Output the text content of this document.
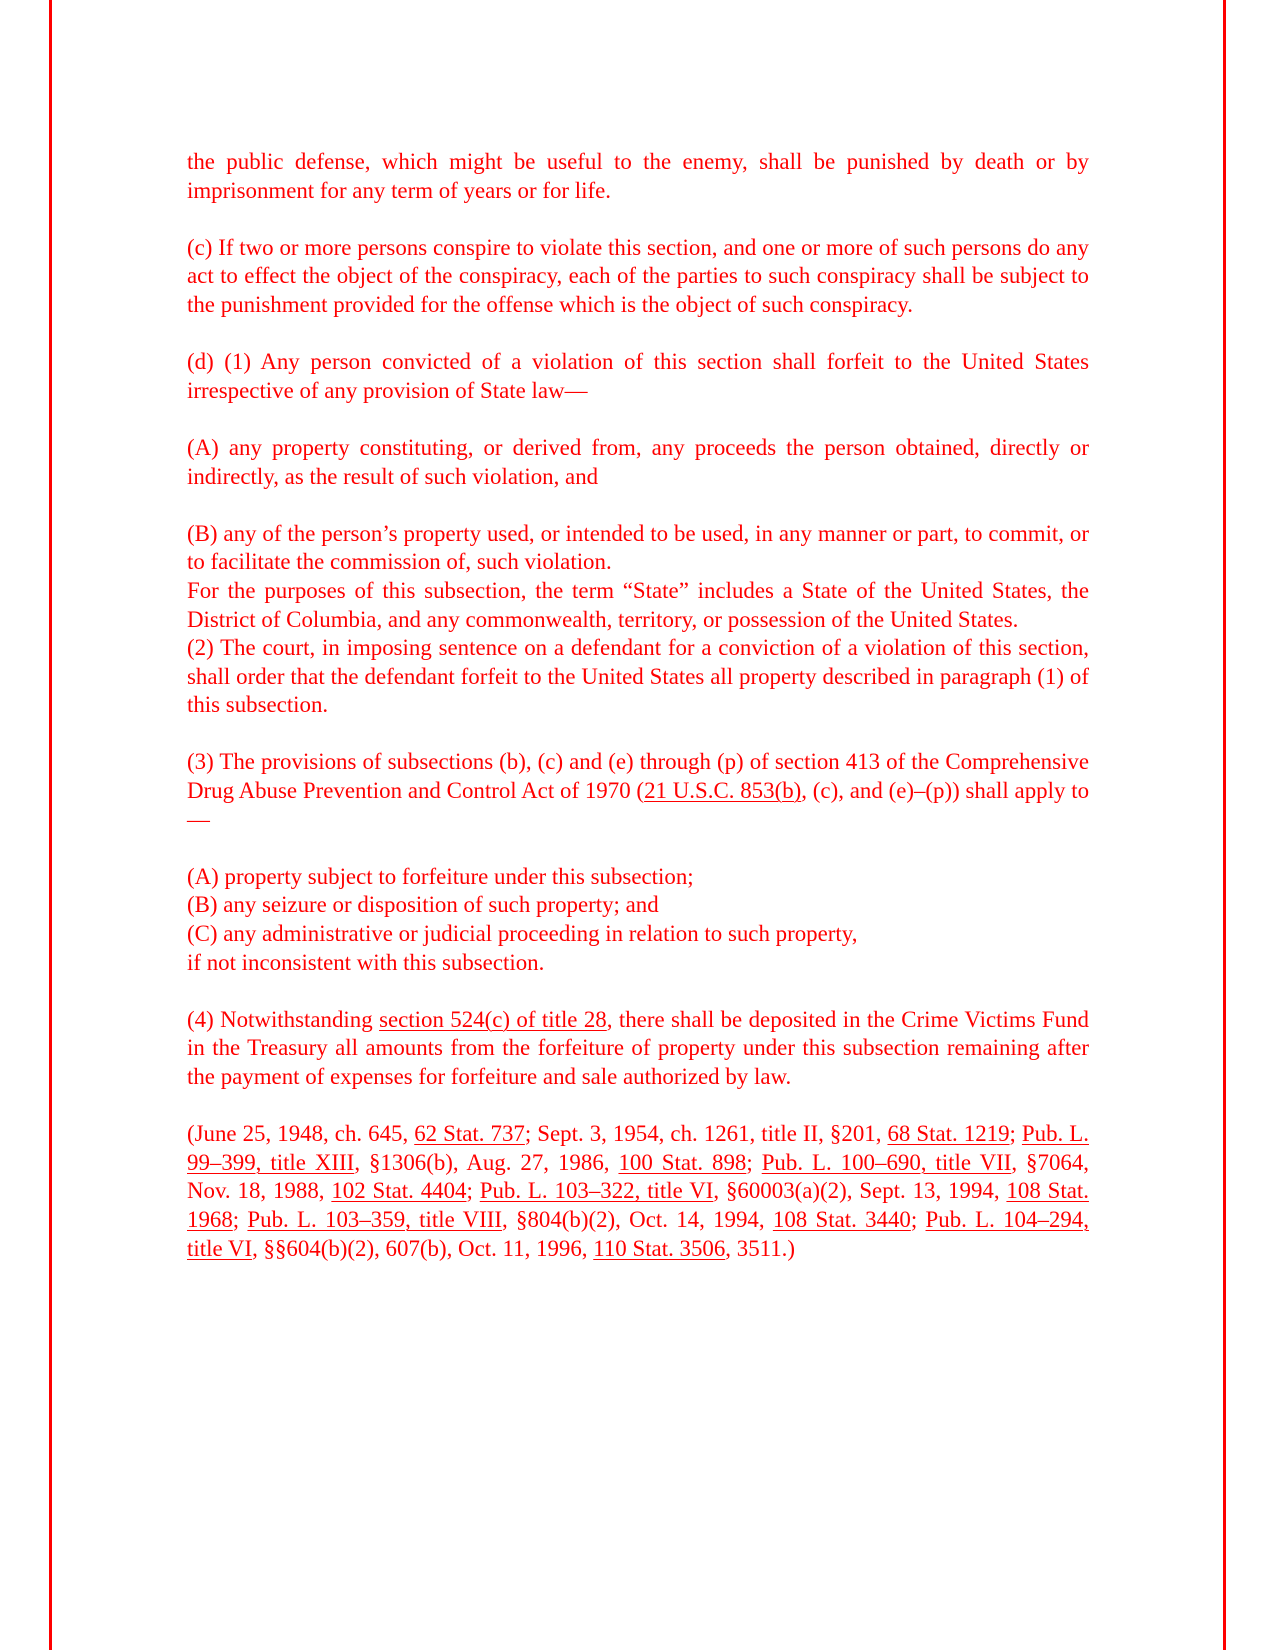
the public defense, which might be useful to the enemy, shall be punished by death or by imprisonment for any term of years or for life.

(c) If two or more persons conspire to violate this section, and one or more of such persons do any act to effect the object of the conspiracy, each of the parties to such conspiracy shall be subject to the punishment provided for the offense which is the object of such conspiracy.

(d) (1) Any person convicted of a violation of this section shall forfeit to the United States irrespective of any provision of State law—

(A) any property constituting, or derived from, any proceeds the person obtained, directly or indirectly, as the result of such violation, and

(B) any of the person’s property used, or intended to be used, in any manner or part, to commit, or to facilitate the commission of, such violation.

For the purposes of this subsection, the term “State” includes a State of the United States, the District of Columbia, and any commonwealth, territory, or possession of the United States.

(2) The court, in imposing sentence on a defendant for a conviction of a violation of this section, shall order that the defendant forfeit to the United States all property described in paragraph (1) of this subsection.

(3) The provisions of subsections (b), (c) and (e) through (p) of section 413 of the Comprehensive Drug Abuse Prevention and Control Act of 1970 (21 U.S.C. 853(b), (c), and (e)–(p)) shall apply to—

(A) property subject to forfeiture under this subsection;
(B) any seizure or disposition of such property; and
(C) any administrative or judicial proceeding in relation to such property,
if not inconsistent with this subsection.

(4) Notwithstanding section 524(c) of title 28, there shall be deposited in the Crime Victims Fund in the Treasury all amounts from the forfeiture of property under this subsection remaining after the payment of expenses for forfeiture and sale authorized by law.

(June 25, 1948, ch. 645, 62 Stat. 737; Sept. 3, 1954, ch. 1261, title II, §201, 68 Stat. 1219; Pub. L. 99–399, title XIII, §1306(b), Aug. 27, 1986, 100 Stat. 898; Pub. L. 100–690, title VII, §7064, Nov. 18, 1988, 102 Stat. 4404; Pub. L. 103–322, title VI, §60003(a)(2), Sept. 13, 1994, 108 Stat. 1968; Pub. L. 103–359, title VIII, §804(b)(2), Oct. 14, 1994, 108 Stat. 3440; Pub. L. 104–294, title VI, §§604(b)(2), 607(b), Oct. 11, 1996, 110 Stat. 3506, 3511.)
